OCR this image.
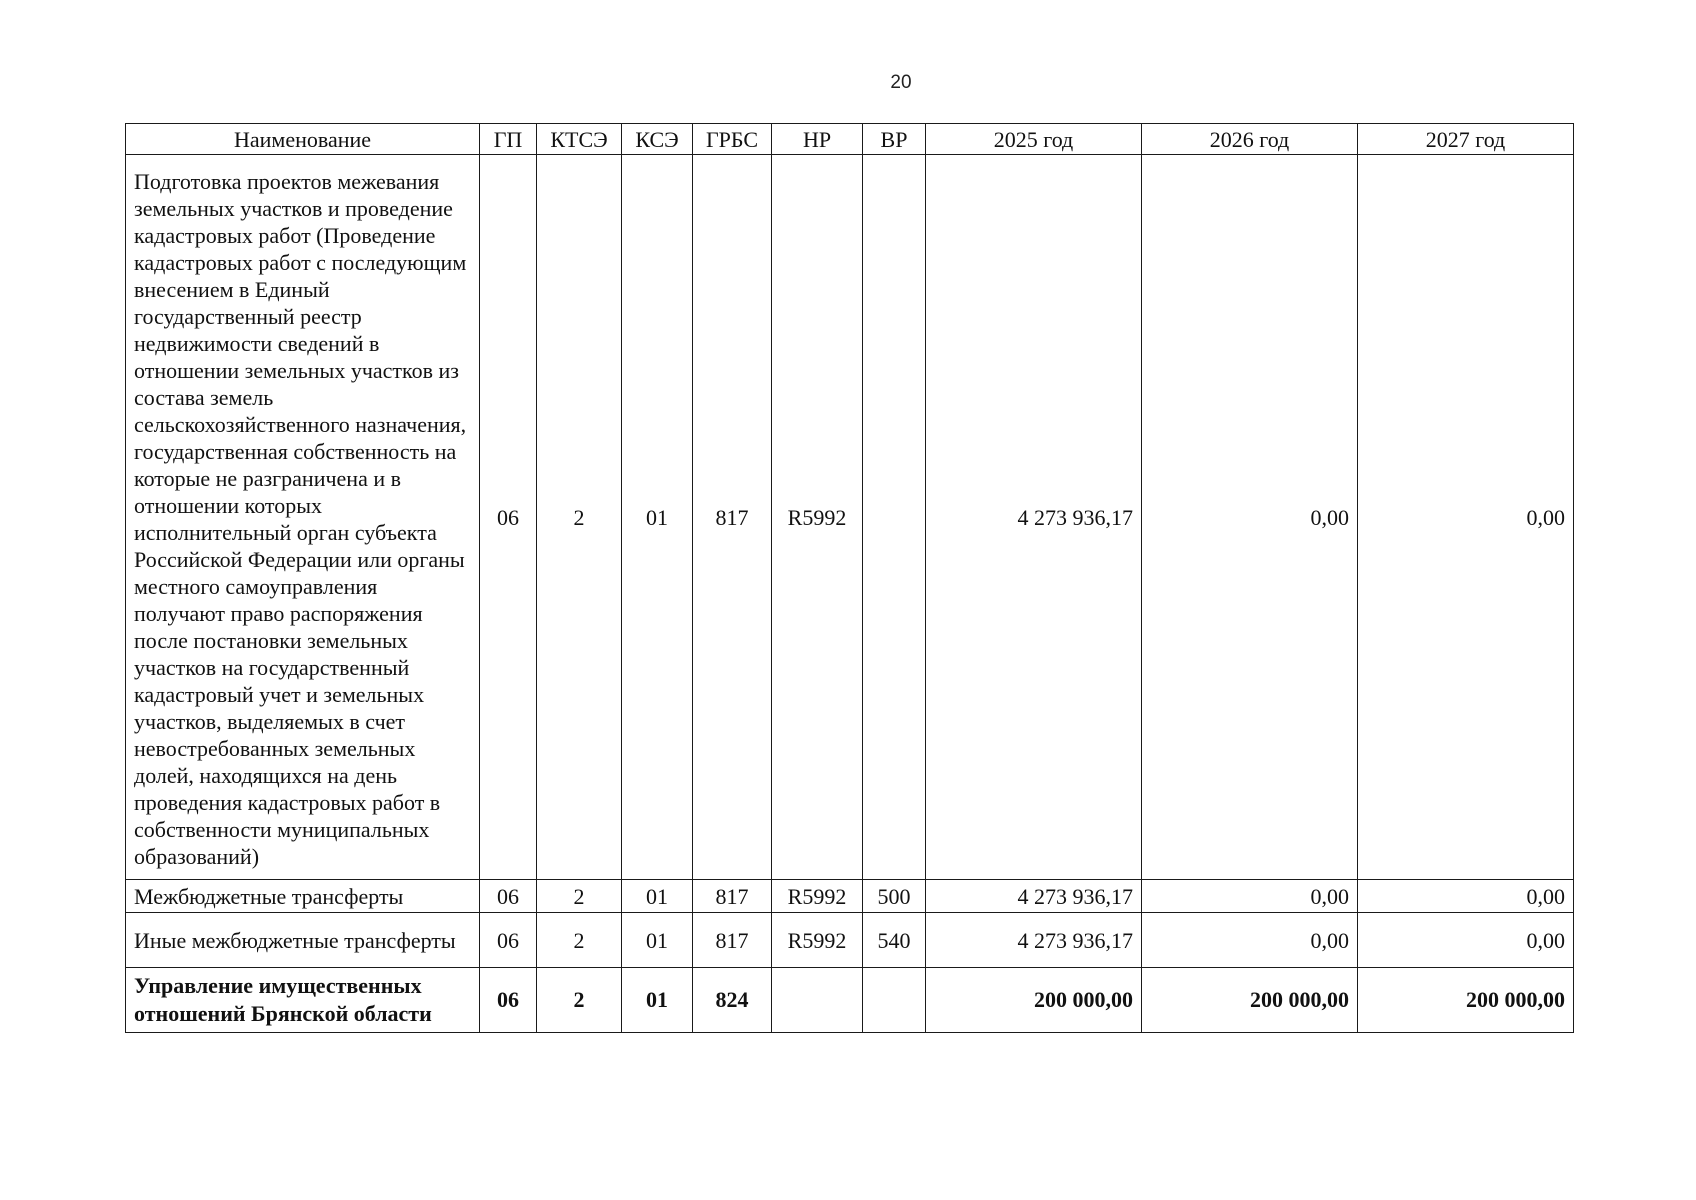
20
Наименование	ГП	КТСЭ	КСЭ	ГРБС	НР	ВР	2025 год	2026 год	2027 год
Подготовка проектов межевания земельных участков и проведение кадастровых работ (Проведение кадастровых работ с последующим внесением в Единый государственный реестр недвижимости сведений в отношении земельных участков из состава земель сельскохозяйственного назначения, государственная собственность на которые не разграничена и в отношении которых исполнительный орган субъекта Российской Федерации или органы местного самоуправления получают право распоряжения после постановки земельных участков на государственный кадастровый учет и земельных участков, выделяемых в счет невостребованных земельных долей, находящихся на день проведения кадастровых работ в собственности муниципальных образований)	06	2	01	817	R5992		4 273 936,17	0,00	0,00
Межбюджетные трансферты	06	2	01	817	R5992	500	4 273 936,17	0,00	0,00
Иные межбюджетные трансферты	06	2	01	817	R5992	540	4 273 936,17	0,00	0,00
Управление имущественных отношений Брянской области	06	2	01	824			200 000,00	200 000,00	200 000,00
